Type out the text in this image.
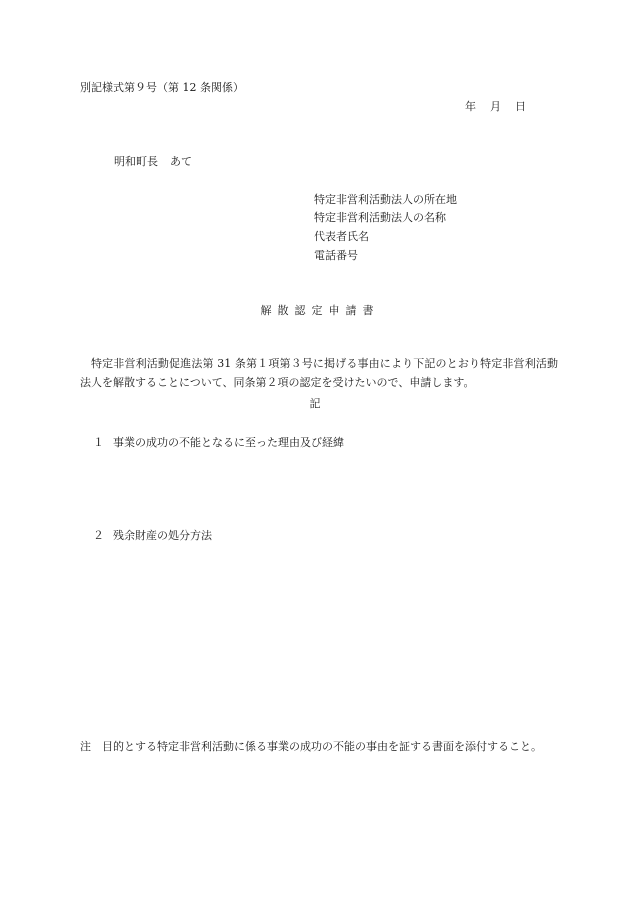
別記様式第９号（第 12 条関係）

年 月 日

明和町長 あて

特定非営利活動法人の所在地

特定非営利活動法人の名称

代表者氏名

電話番号

解散認定申請書

特定非営利活動促進法第 31 条第１項第３号に掲げる事由により下記のとおり特定非営利活動法人を解散することについて、同条第２項の認定を受けたいので、申請します。

記

１ 事業の成功の不能となるに至った理由及び経緯

２ 残余財産の処分方法

注	目的とする特定非営利活動に係る事業の成功の不能の事由を証する書面を添付すること。
